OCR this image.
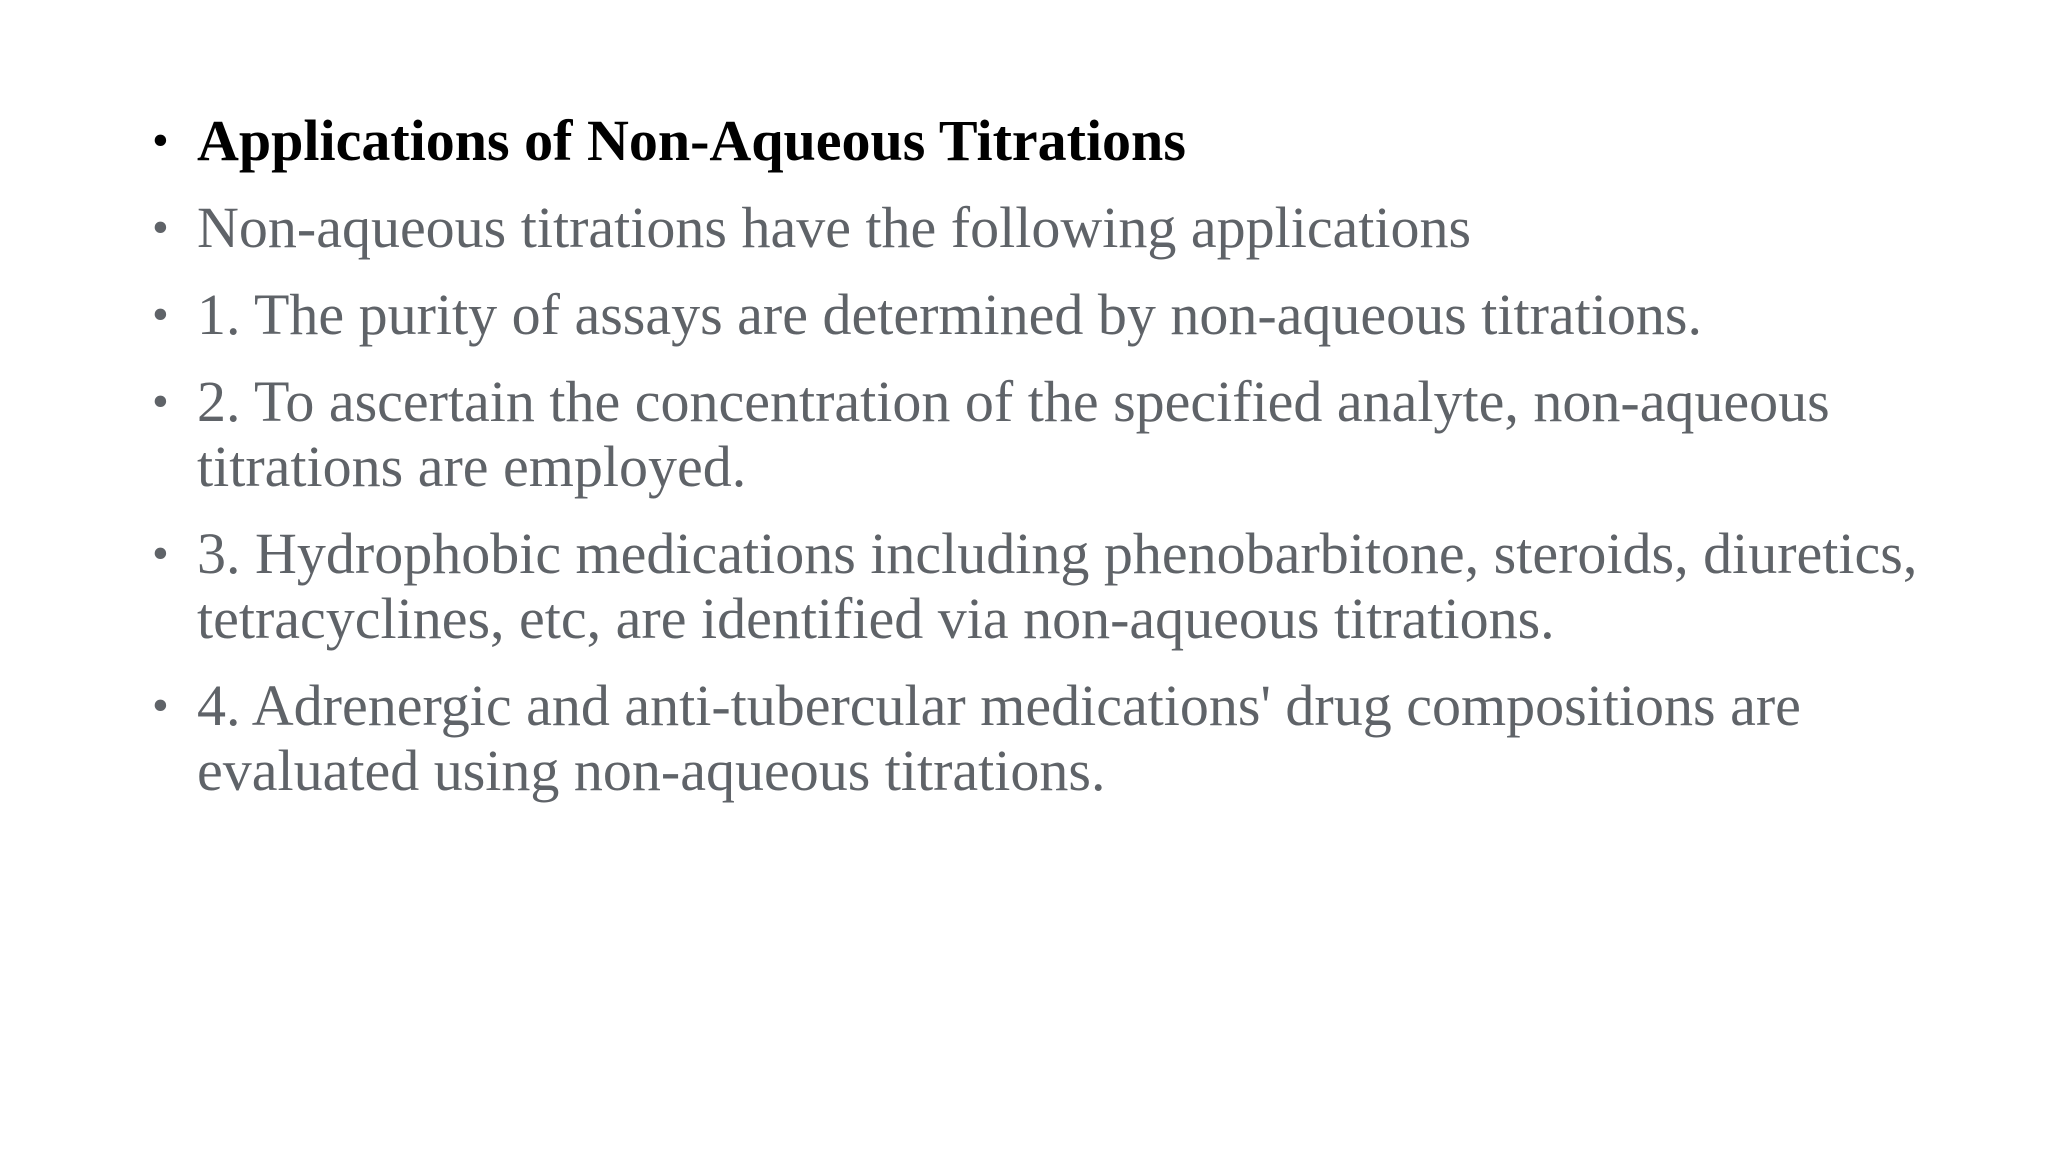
• Applications of Non-Aqueous Titrations
• Non-aqueous titrations have the following applications
• 1. The purity of assays are determined by non-aqueous titrations.
• 2. To ascertain the concentration of the specified analyte, non-aqueous titrations are employed.
• 3. Hydrophobic medications including phenobarbitone, steroids, diuretics, tetracyclines, etc, are identified via non-aqueous titrations.
• 4. Adrenergic and anti-tubercular medications' drug compositions are evaluated using non-aqueous titrations.
